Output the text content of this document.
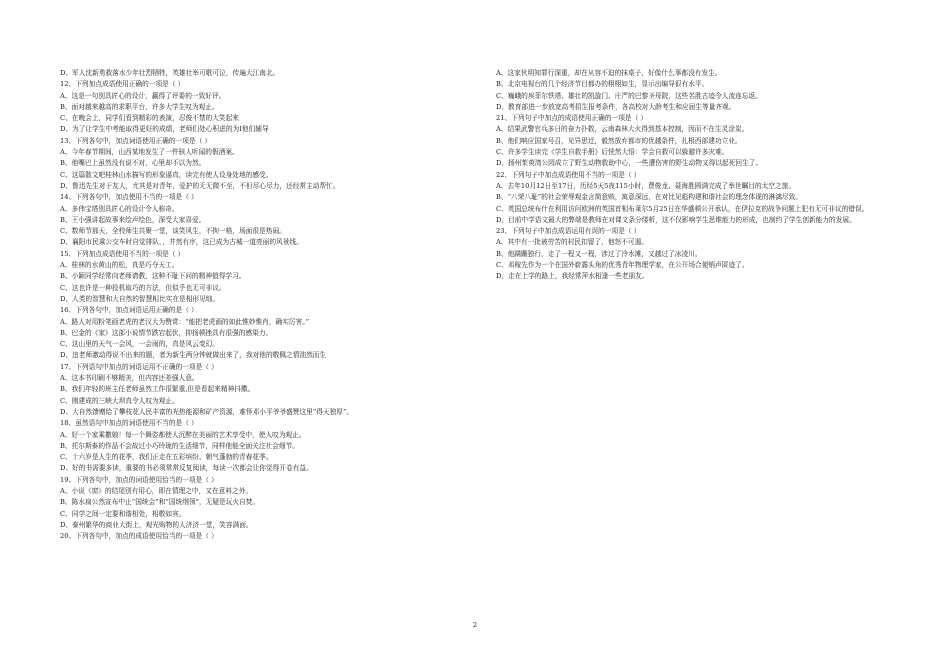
D、军人沈新勇救落水少年壮烈牺牲，英雄壮举可歌可泣，传遍大江南北。
12、下列加点成语使用正确的一项是（ ）
A、这是一句别具匠心的设计，赢得了评委的一致好评。
B、面对越来越高的求职平台，许多大学生叹为观止。
C、在晚会上，同学们看到精彩的表演，忍俊不禁的大笑起来
D、为了让学生中考能取得更好的成绩，老师们处心积虑的为I他们辅导
13、下列各句中，加点词语使用正确的一项是（ ）
A、今年春节期间，山西某地发生了一件骇人听闻的假酒案。
B、他嘴巴上虽然没有说不对，心里却不以为然。
C、这篇散文吧桂林山水描写的形象逼真，读完有使人设身处地的感受。
D、鲁迅先生对于友人，尤其是对青年，爱护的无无微不至，不但尽心尽力，还经常主动帮忙。
14、下列各句中，加点使用不当的一项是（ ）
A、多伟宝塔别具匠心的设计令人称奇。
B、王小强讲起故事来绘声绘色，深受大家喜爱。
C、数师节那天，全校师生共聚一堂，谈笑风生，不拘一格，场面很是热闹。
D、襄阳市民乘公交车时自觉排队，，井然有序，这已成为古城一道亮丽的风景线。
15、下列加点成语使用不当的一项是（ ）
A、桂林的水黄山的松，真是巧夺天工。
B、小颖同学经常向老师请教，这种不耻下问的精神值得学习。
C、这也许是一种投机取巧的方法，但似乎也无可非议。
D、人类的智慧和大自然的智慧相比实在是相形见绌。
16、下列各句中，加点词语运用正确的是（ ）
A、路人对用粉笔画老虎的老汉大为赞赏：“能把老虎画的如此惟妙惟肖，确实厉害。”
B、巴金的《家》这部小说情节跌宕起伏，抑扬顿挫具有很强的感染力。
C、这山里的天气一会风，一会雨的，真是风云变幻。
D、违老师激动得说不出来的题，者为新生两分钟就做出来了，我对他的敬佩之情油然而生
17、下列语句中加点的词语运用不正确的一项是（ ）
A、这本书印刷不够精美，但内容还差强人意。
B、我们年轻的班主任老师虽然工作很繁重,但是看起来精神抖擞。
C、刚建成的三峡大坝真令人叹为观止。
D、大自然馈赠给了攀枝花人民丰富的光热能源和矿产资源，难怪邓小平爷爷盛赞这里“得天独厚”。
18、虽然语句中加点的词语使用不当的是（ ）
A、好一个家乘撒娘！每一个舞姿都使人沉醉在美丽的艺术享受中，使人叹为观止。
B、托尔斯泰的作品不会故过小巧玲珑的生活细节，同样他能全面关注社会细节。
C、十六岁是人生的花季，我们正走在五彩缤纷、朝气蓬勃的青春花季。
D、好的书需要多读，重要的书必须常常反复阅读，每读一次都会让你觉得开卷有益。
19、下列各句中，加点的词语使用恰当的一项是（ ）
A、小说《窗》的结尾别有用心，即在情理之中，又在意料之外。
B、陈水扁公然宣布中止“国统会”和“国统纲领”，无疑是玩火自焚。
C、同学之间一定要和谐相处，相敬如宾。
D、泰州繁华的商业大街上，观光购物的人济济一堂，笑容满面。
20、下列各句中，加点的成语使用恰当的一项是（ ）
A、这家伙明知罪行深重，却在从容不迫的抹桌子，好像什么事都没有发生。
B、北京电视台的几个经济节目都办的栩栩如生，显示出编导很有水平。
C、巍峨的埃菲尔铁塔、雄壮的凯旋门、庄严的巴黎圣母院，这些名胜古迹令人流连忘返。
D、教育部进一步放宽高考招生报考条件，各高校对大龄考生和应届生等量齐观。
21、下列句子中加点的成语使用正确的一项是（ ）
A、结果武警官兵多日的奋力扑救，云南森林大火得到基本控制，因而不在生灵涂炭。
B、他们响应国家号召，见异思迁，毅然放弃都市的优越条件，扎根西部建功立业。
C、许多学生读完《学生自救手册》后恍然大悟：学会自救可以躲避许多灾难。
D、扬州茱萸湾公园成立了野生动物救助中心，一些遭伤害的野生动物又得以起死回生了。
22、下列句子中加点成语使用不当的一项是（ ）
A、去年10月12日至17日，历经5天5夜115小时，费俊龙、聂海胜圆满完成了举世瞩目的太空之旅。
B、“八荣八耻”的社会荣辱观金言简意赅，寓意深远，在对比见彪构建和谐社会的理念体现的淋漓尽致。
C、英国总统布什在利用访问欧洲的英国首相布莱尔5月25日在华盛顿公开承认，在伊拉克的战争问题上犯有无可非议的错误。
D、目前中学语文最大的弊端是教师在对课文条分缕析，这不仅影响学生思维能力的形成，也制约了学生创新能力的发展。
23、下列句子中加点成语运用有误的一项是（ ）
A、其中有一批被劳苦的村民扣留了，他怒不可遏。
B、他蹒跚独行，走了一程又一程，涉过了冷水滩，又越过了冰凌川。
C、邓稼先作为一个在国外崭露头角的优秀青年物理学家，在公开场合便销声匿迹了。
D、走在上学的路上，我经常萍水相逢一些老朋友。
2
